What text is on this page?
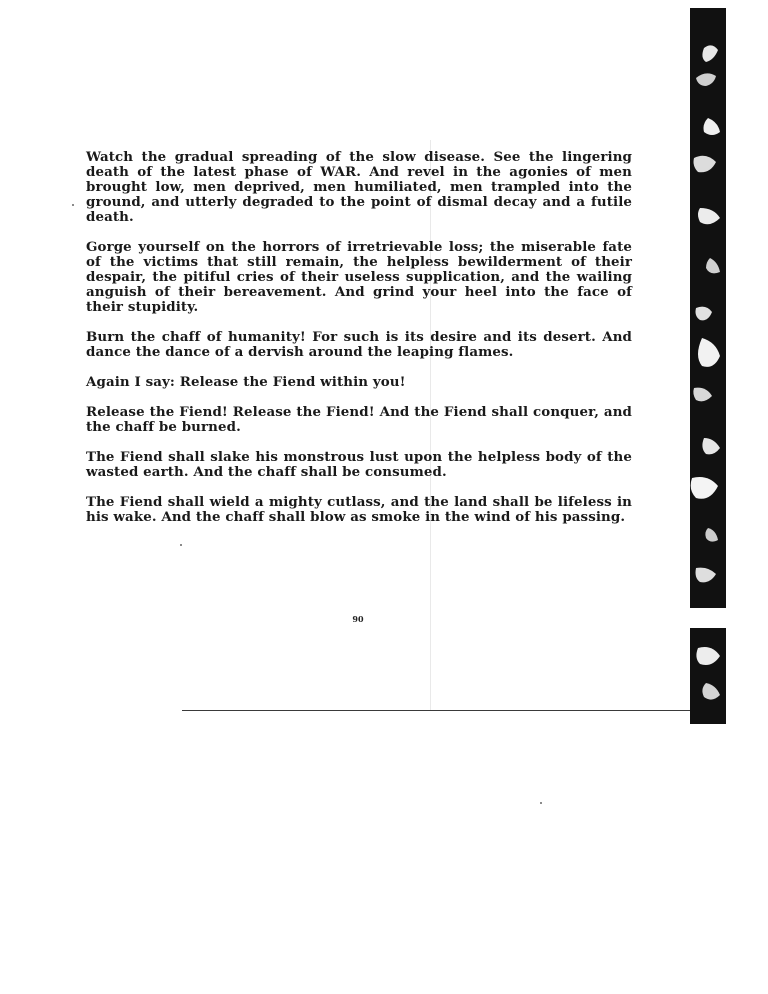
Watch the gradual spreading of the slow disease. See the lingering death of the latest phase of WAR. And revel in the agonies of men brought low, men deprived, men humiliated, men trampled into the ground, and utterly degraded to the point of dismal decay and a futile death.

Gorge yourself on the horrors of irretrievable loss; the miserable fate of the victims that still remain, the helpless bewilderment of their despair, the pitiful cries of their useless supplication, and the wailing anguish of their bereavement. And grind your heel into the face of their stupidity.

Burn the chaff of humanity! For such is its desire and its desert. And dance the dance of a dervish around the leaping flames.

Again I say: Release the Fiend within you!

Release the Fiend! Release the Fiend! And the Fiend shall conquer, and the chaff be burned.

The Fiend shall slake his monstrous lust upon the helpless body of the wasted earth. And the chaff shall be consumed.

The Fiend shall wield a mighty cutlass, and the land shall be lifeless in his wake. And the chaff shall blow as smoke in the wind of his passing.

90
